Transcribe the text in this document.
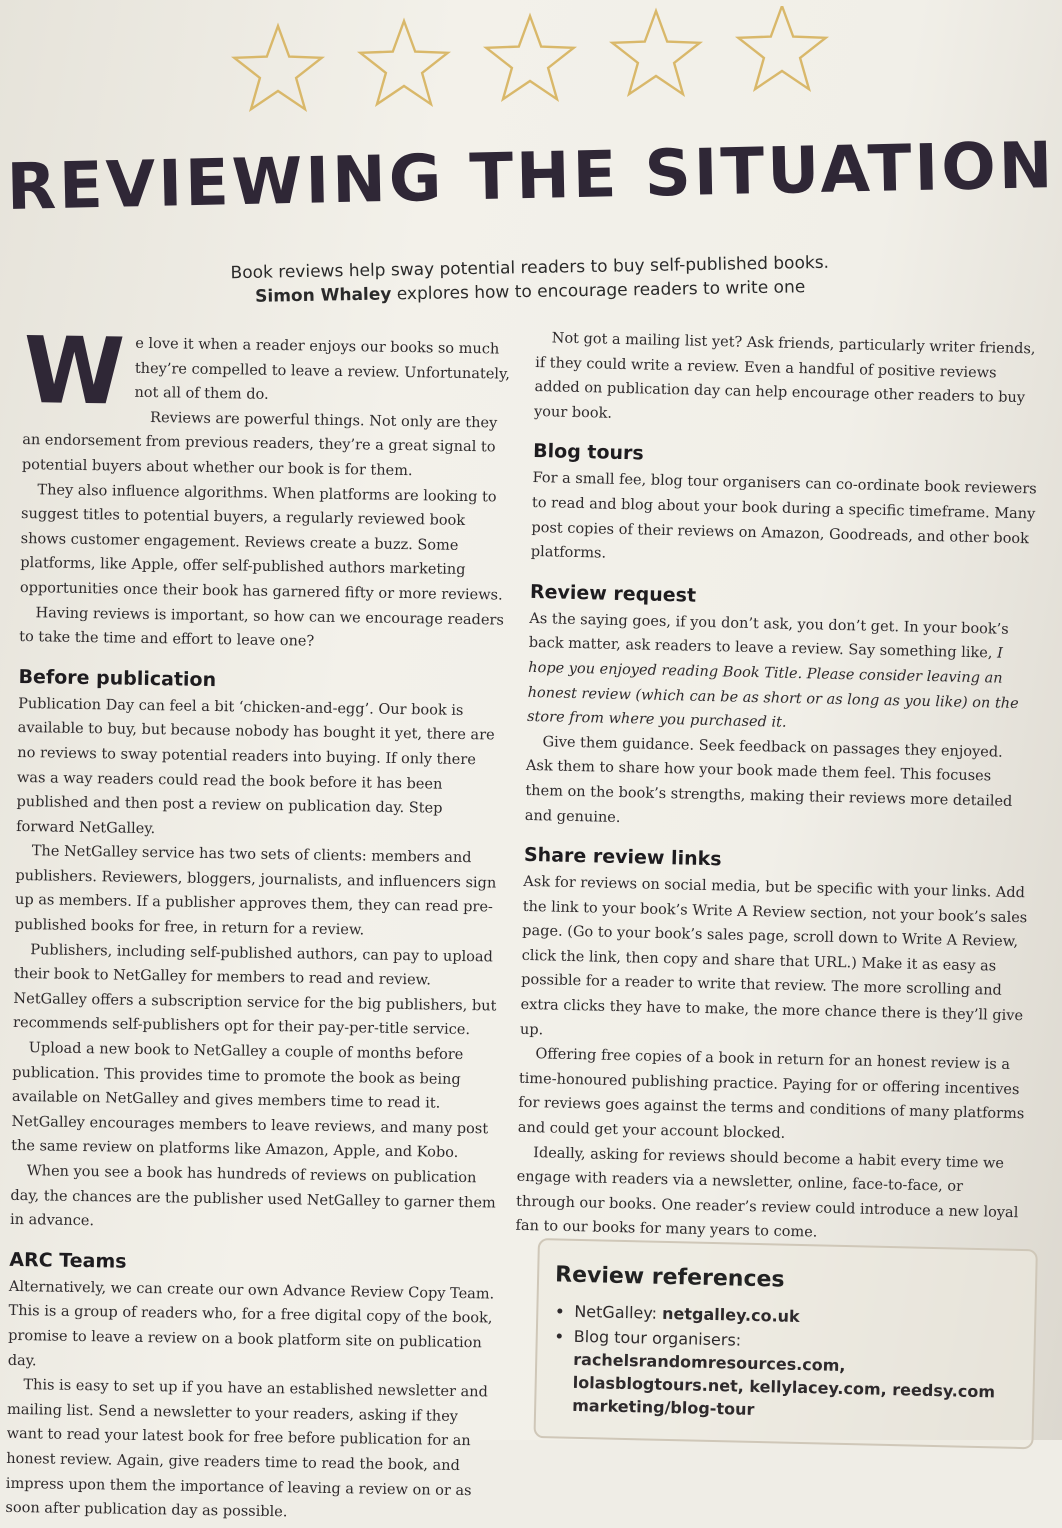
REVIEWING THE SITUATION
Book reviews help sway potential readers to buy self-published books.
Simon Whaley explores how to encourage readers to write one

We love it when a reader enjoys our books so much they’re compelled to leave a review. Unfortunately, not all of them do.

Reviews are powerful things. Not only are they an endorsement from previous readers, they’re a great signal to potential buyers about whether our book is for them.

They also influence algorithms. When platforms are looking to suggest titles to potential buyers, a regularly reviewed book shows customer engagement. Reviews create a buzz. Some platforms, like Apple, offer self-published authors marketing opportunities once their book has garnered fifty or more reviews.

Having reviews is important, so how can we encourage readers to take the time and effort to leave one?

Before publication

Publication Day can feel a bit ‘chicken-and-egg’. Our book is available to buy, but because nobody has bought it yet, there are no reviews to sway potential readers into buying. If only there was a way readers could read the book before it has been published and then post a review on publication day. Step forward NetGalley.

The NetGalley service has two sets of clients: members and publishers. Reviewers, bloggers, journalists, and influencers sign up as members. If a publisher approves them, they can read pre-published books for free, in return for a review.

Publishers, including self-published authors, can pay to upload their book to NetGalley for members to read and review. NetGalley offers a subscription service for the big publishers, but recommends self-publishers opt for their pay-per-title service.

Upload a new book to NetGalley a couple of months before publication. This provides time to promote the book as being available on NetGalley and gives members time to read it. NetGalley encourages members to leave reviews, and many post the same review on platforms like Amazon, Apple, and Kobo.

When you see a book has hundreds of reviews on publication day, the chances are the publisher used NetGalley to garner them in advance.

ARC Teams

Alternatively, we can create our own Advance Review Copy Team. This is a group of readers who, for a free digital copy of the book, promise to leave a review on a book platform site on publication day.

This is easy to set up if you have an established newsletter and mailing list. Send a newsletter to your readers, asking if they want to read your latest book for free before publication for an honest review. Again, give readers time to read the book, and impress upon them the importance of leaving a review on or as soon after publication day as possible.

Not got a mailing list yet? Ask friends, particularly writer friends, if they could write a review. Even a handful of positive reviews added on publication day can help encourage other readers to buy your book.

Blog tours

For a small fee, blog tour organisers can co-ordinate book reviewers to read and blog about your book during a specific timeframe. Many post copies of their reviews on Amazon, Goodreads, and other book platforms.

Review request

As the saying goes, if you don’t ask, you don’t get. In your book’s back matter, ask readers to leave a review. Say something like, I hope you enjoyed reading Book Title. Please consider leaving an honest review (which can be as short or as long as you like) on the store from where you purchased it.

Give them guidance. Seek feedback on passages they enjoyed. Ask them to share how your book made them feel. This focuses them on the book’s strengths, making their reviews more detailed and genuine.

Share review links

Ask for reviews on social media, but be specific with your links. Add the link to your book’s Write A Review section, not your book’s sales page. (Go to your book’s sales page, scroll down to Write A Review, click the link, then copy and share that URL.) Make it as easy as possible for a reader to write that review. The more scrolling and extra clicks they have to make, the more chance there is they’ll give up.

Offering free copies of a book in return for an honest review is a time-honoured publishing practice. Paying for or offering incentives for reviews goes against the terms and conditions of many platforms and could get your account blocked.

Ideally, asking for reviews should become a habit every time we engage with readers via a newsletter, online, face-to-face, or through our books. One reader’s review could introduce a new loyal fan to our books for many years to come.

Review references
• NetGalley: netgalley.co.uk
• Blog tour organisers: rachelsrandomresources.com, lolasblogtours.net, kellylacey.com, reedsy.com marketing/blog-tour
